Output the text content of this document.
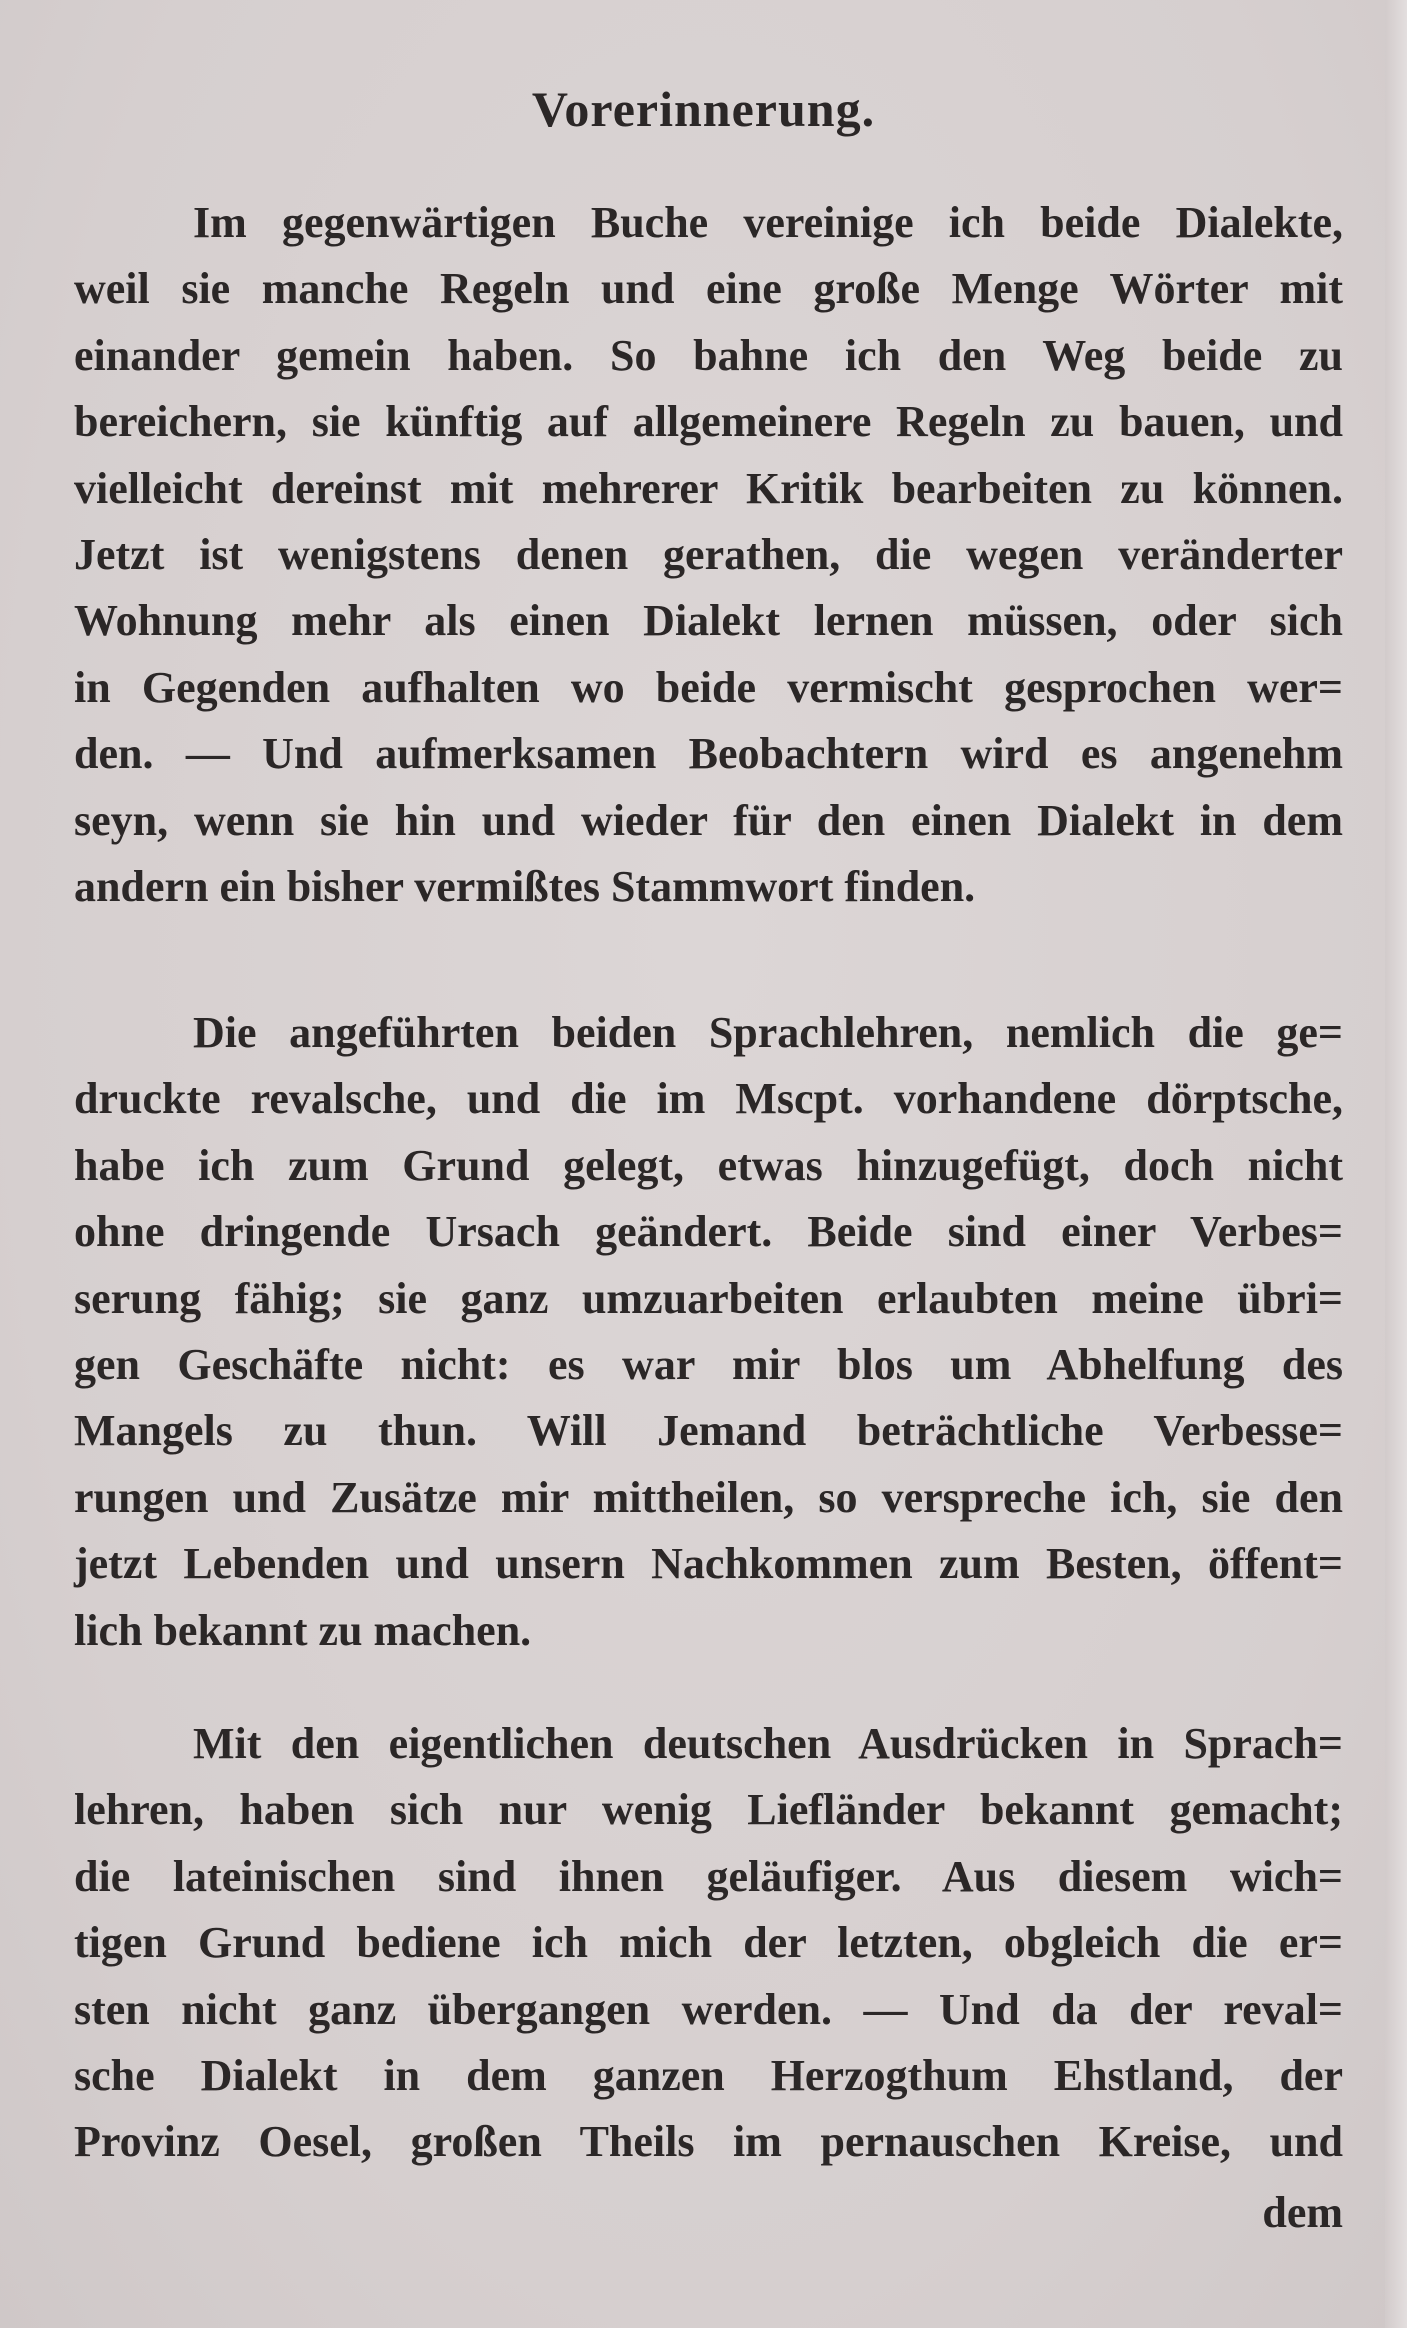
Vorerinnerung.
Im gegenwärtigen Buche vereinige ich beide Dialekte,
weil sie manche Regeln und eine große Menge Wörter mit
einander gemein haben. So bahne ich den Weg beide zu
bereichern, sie künftig auf allgemeinere Regeln zu bauen, und
vielleicht dereinst mit mehrerer Kritik bearbeiten zu können.
Jetzt ist wenigstens denen gerathen, die wegen veränderter
Wohnung mehr als einen Dialekt lernen müssen, oder sich
in Gegenden aufhalten wo beide vermischt gesprochen wer=
den. — Und aufmerksamen Beobachtern wird es angenehm
seyn, wenn sie hin und wieder für den einen Dialekt in dem
andern ein bisher vermißtes Stammwort finden.
Die angeführten beiden Sprachlehren, nemlich die ge=
druckte revalsche, und die im Mscpt. vorhandene dörptsche,
habe ich zum Grund gelegt, etwas hinzugefügt, doch nicht
ohne dringende Ursach geändert. Beide sind einer Verbes=
serung fähig; sie ganz umzuarbeiten erlaubten meine übri=
gen Geschäfte nicht: es war mir blos um Abhelfung des
Mangels zu thun. Will Jemand beträchtliche Verbesse=
rungen und Zusätze mir mittheilen, so verspreche ich, sie den
jetzt Lebenden und unsern Nachkommen zum Besten, öffent=
lich bekannt zu machen.
Mit den eigentlichen deutschen Ausdrücken in Sprach=
lehren, haben sich nur wenig Liefländer bekannt gemacht;
die lateinischen sind ihnen geläufiger. Aus diesem wich=
tigen Grund bediene ich mich der letzten, obgleich die er=
sten nicht ganz übergangen werden. — Und da der reval=
sche Dialekt in dem ganzen Herzogthum Ehstland, der
Provinz Oesel, großen Theils im pernauschen Kreise, und
dem
